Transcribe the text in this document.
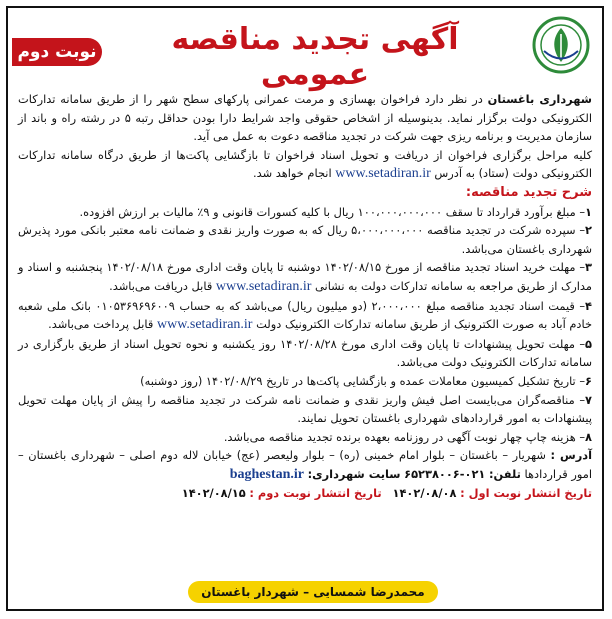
آگهی تجدید مناقصه عمومی
نوبت دوم

شهرداری باغستان در نظر دارد فراخوان بهسازی و مرمت عمرانی پارکهای سطح شهر را از طریق سامانه تدارکات الکترونیکی دولت برگزار نماید. بدینوسیله از اشخاص حقوقی واجد شرایط دارا بودن حداقل رتبه ۵ در رشته راه و باند از سازمان مدیریت و برنامه ریزی جهت شرکت در تجدید مناقصه دعوت به عمل می آید.

کلیه مراحل برگزاری فراخوان از دریافت و تحویل اسناد فراخوان تا بازگشایی پاکت‌ها از طریق درگاه سامانه تدارکات الکترونیکی دولت (ستاد) به آدرس www.setadiran.ir انجام خواهد شد.

شرح تجدید مناقصه:

۱– مبلغ برآورد قرارداد تا سقف ۱۰۰،۰۰۰،۰۰۰،۰۰۰ ریال با کلیه کسورات قانونی و ۹٪ مالیات بر ارزش افزوده.

۲– سپرده شرکت در تجدید مناقصه ۵،۰۰۰،۰۰۰،۰۰۰ ریال که به صورت واریز نقدی و ضمانت نامه معتبر بانکی مورد پذیرش شهرداری باغستان می‌باشد.

۳– مهلت خرید اسناد تجدید مناقصه از مورخ ۱۴۰۲/۰۸/۱۵ دوشنبه تا پایان وقت اداری مورخ ۱۴۰۲/۰۸/۱۸ پنجشنبه و اسناد و مدارک از طریق مراجعه به سامانه تدارکات دولت به نشانی www.setadiran.ir قابل دریافت می‌باشد.

۴– قیمت اسناد تجدید مناقصه مبلغ ۲،۰۰۰،۰۰۰ (دو میلیون ریال) می‌باشد که به حساب ۰۱۰۵۳۶۹۶۹۶۰۰۹ بانک ملی شعبه خادم آباد به صورت الکترونیک از طریق سامانه تدارکات الکترونیک دولت www.setadiran.ir قابل پرداخت می‌باشد.

۵– مهلت تحویل پیشنهادات تا پایان وقت اداری مورخ ۱۴۰۲/۰۸/۲۸ روز یکشنبه و نحوه تحویل اسناد از طریق بارگزاری در سامانه تدارکات الکترونیک دولت می‌باشد.

۶– تاریخ تشکیل کمیسیون معاملات عمده و بازگشایی پاکت‌ها در تاریخ ۱۴۰۲/۰۸/۲۹ (روز دوشنبه)

۷– مناقصه‌گران می‌بایست اصل فیش واریز نقدی و ضمانت نامه شرکت در تجدید مناقصه را پیش از پایان مهلت تحویل پیشنهادات به امور قراردادهای شهرداری باغستان تحویل نمایند.

۸– هزینه چاپ چهار نوبت آگهی در روزنامه بعهده برنده تجدید مناقصه می‌باشد.

آدرس : شهریار – باغستان – بلوار امام خمینی (ره) – بلوار ولیعصر (عج) خیابان لاله دوم اصلی – شهرداری باغستان – امور قراردادها تلفن: ۰۲۱-۶۵۲۳۸۰۰۶ سایت شهرداری: baghestan.ir

تاریخ انتشار نوبت اول : ۱۴۰۲/۰۸/۰۸   تاریخ انتشار نوبت دوم : ۱۴۰۲/۰۸/۱۵

محمدرضا شمسایی – شهردار باغستان
